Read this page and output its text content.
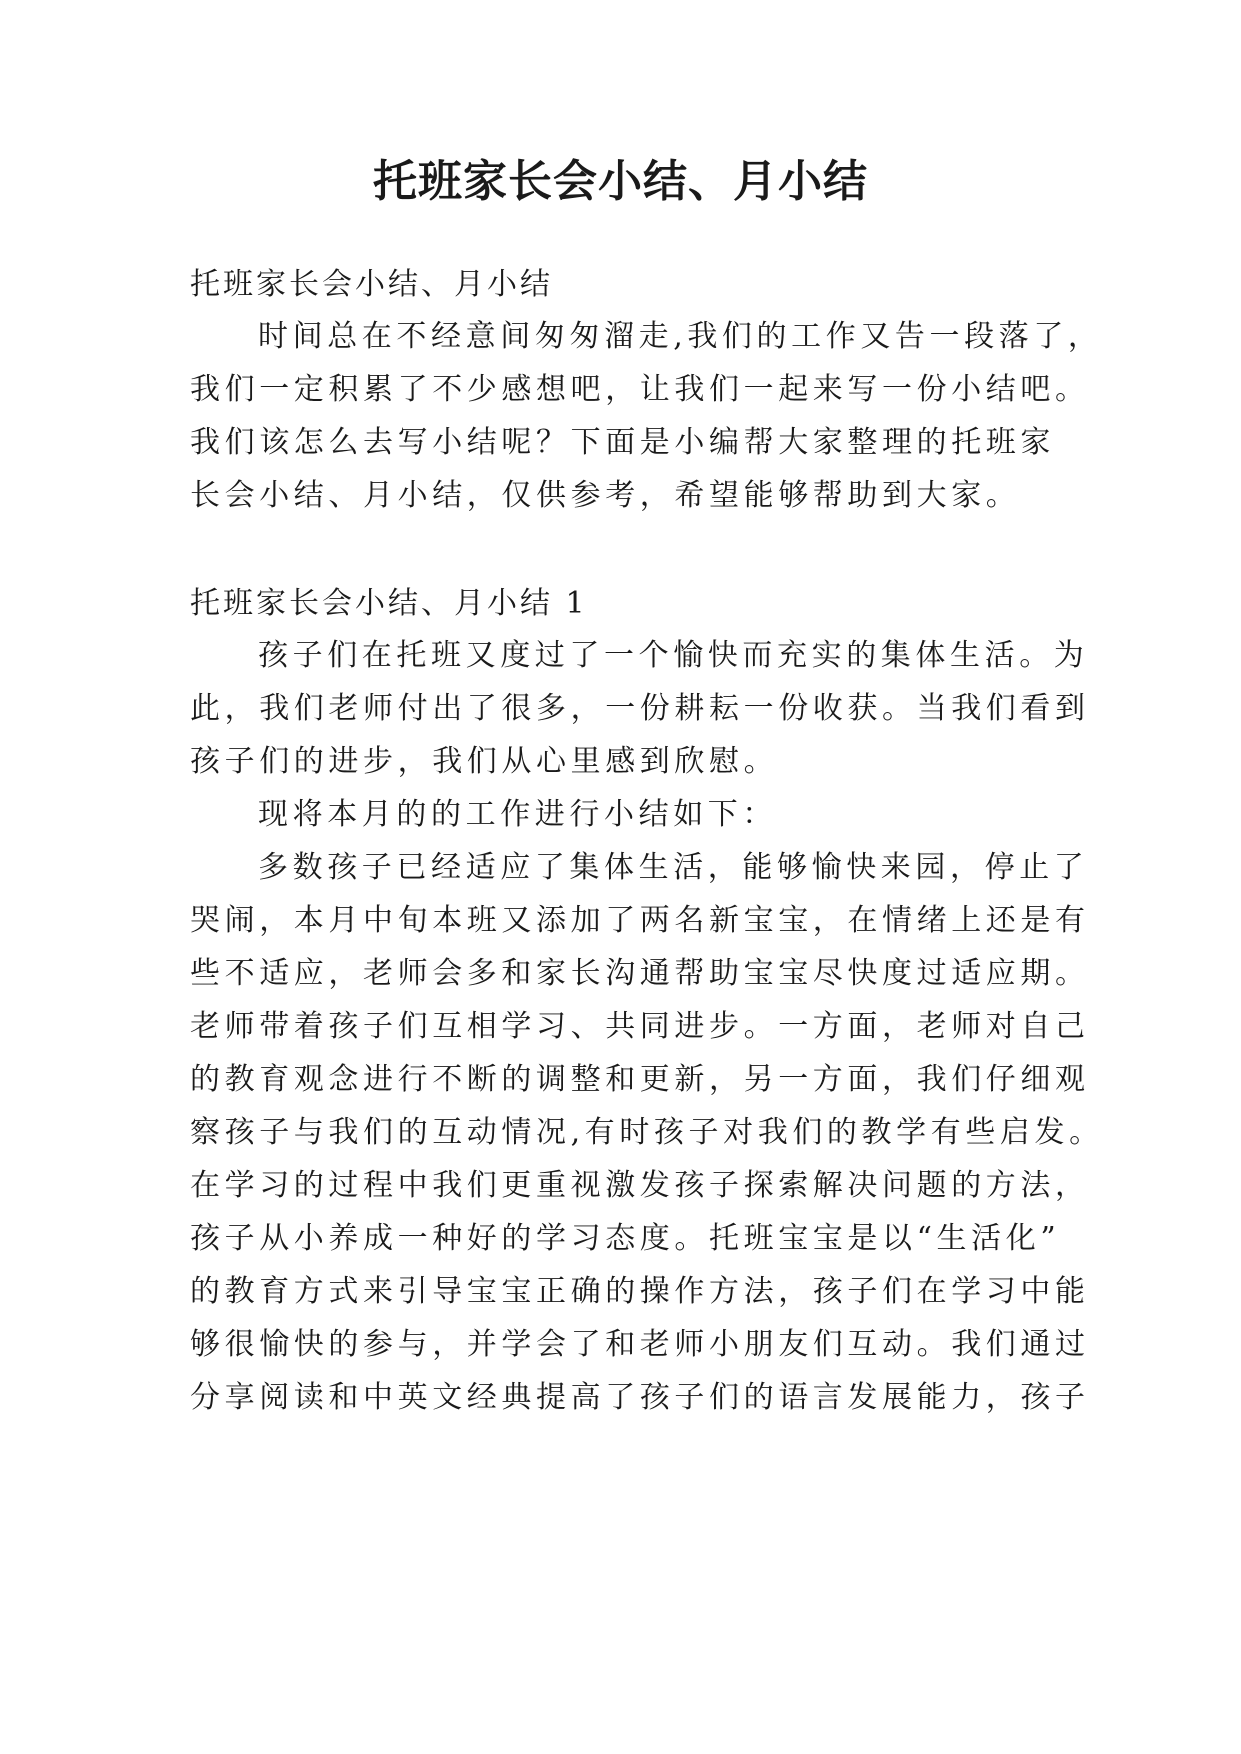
托班家长会小结、月小结
托班家长会小结、月小结
时间总在不经意间匆匆溜走,我们的工作又告一段落了，
我们一定积累了不少感想吧，让我们一起来写一份小结吧。
我们该怎么去写小结呢？下面是小编帮大家整理的托班家
长会小结、月小结，仅供参考，希望能够帮助到大家。
托班家长会小结、月小结 1
孩子们在托班又度过了一个愉快而充实的集体生活。为
此，我们老师付出了很多，一份耕耘一份收获。当我们看到
孩子们的进步，我们从心里感到欣慰。
现将本月的的工作进行小结如下：
多数孩子已经适应了集体生活，能够愉快来园，停止了
哭闹，本月中旬本班又添加了两名新宝宝，在情绪上还是有
些不适应，老师会多和家长沟通帮助宝宝尽快度过适应期。
老师带着孩子们互相学习、共同进步。一方面，老师对自己
的教育观念进行不断的调整和更新，另一方面，我们仔细观
察孩子与我们的互动情况,有时孩子对我们的教学有些启发。
在学习的过程中我们更重视激发孩子探索解决问题的方法，
孩子从小养成一种好的学习态度。托班宝宝是以“生活化”
的教育方式来引导宝宝正确的操作方法，孩子们在学习中能
够很愉快的参与，并学会了和老师小朋友们互动。我们通过
分享阅读和中英文经典提高了孩子们的语言发展能力，孩子
